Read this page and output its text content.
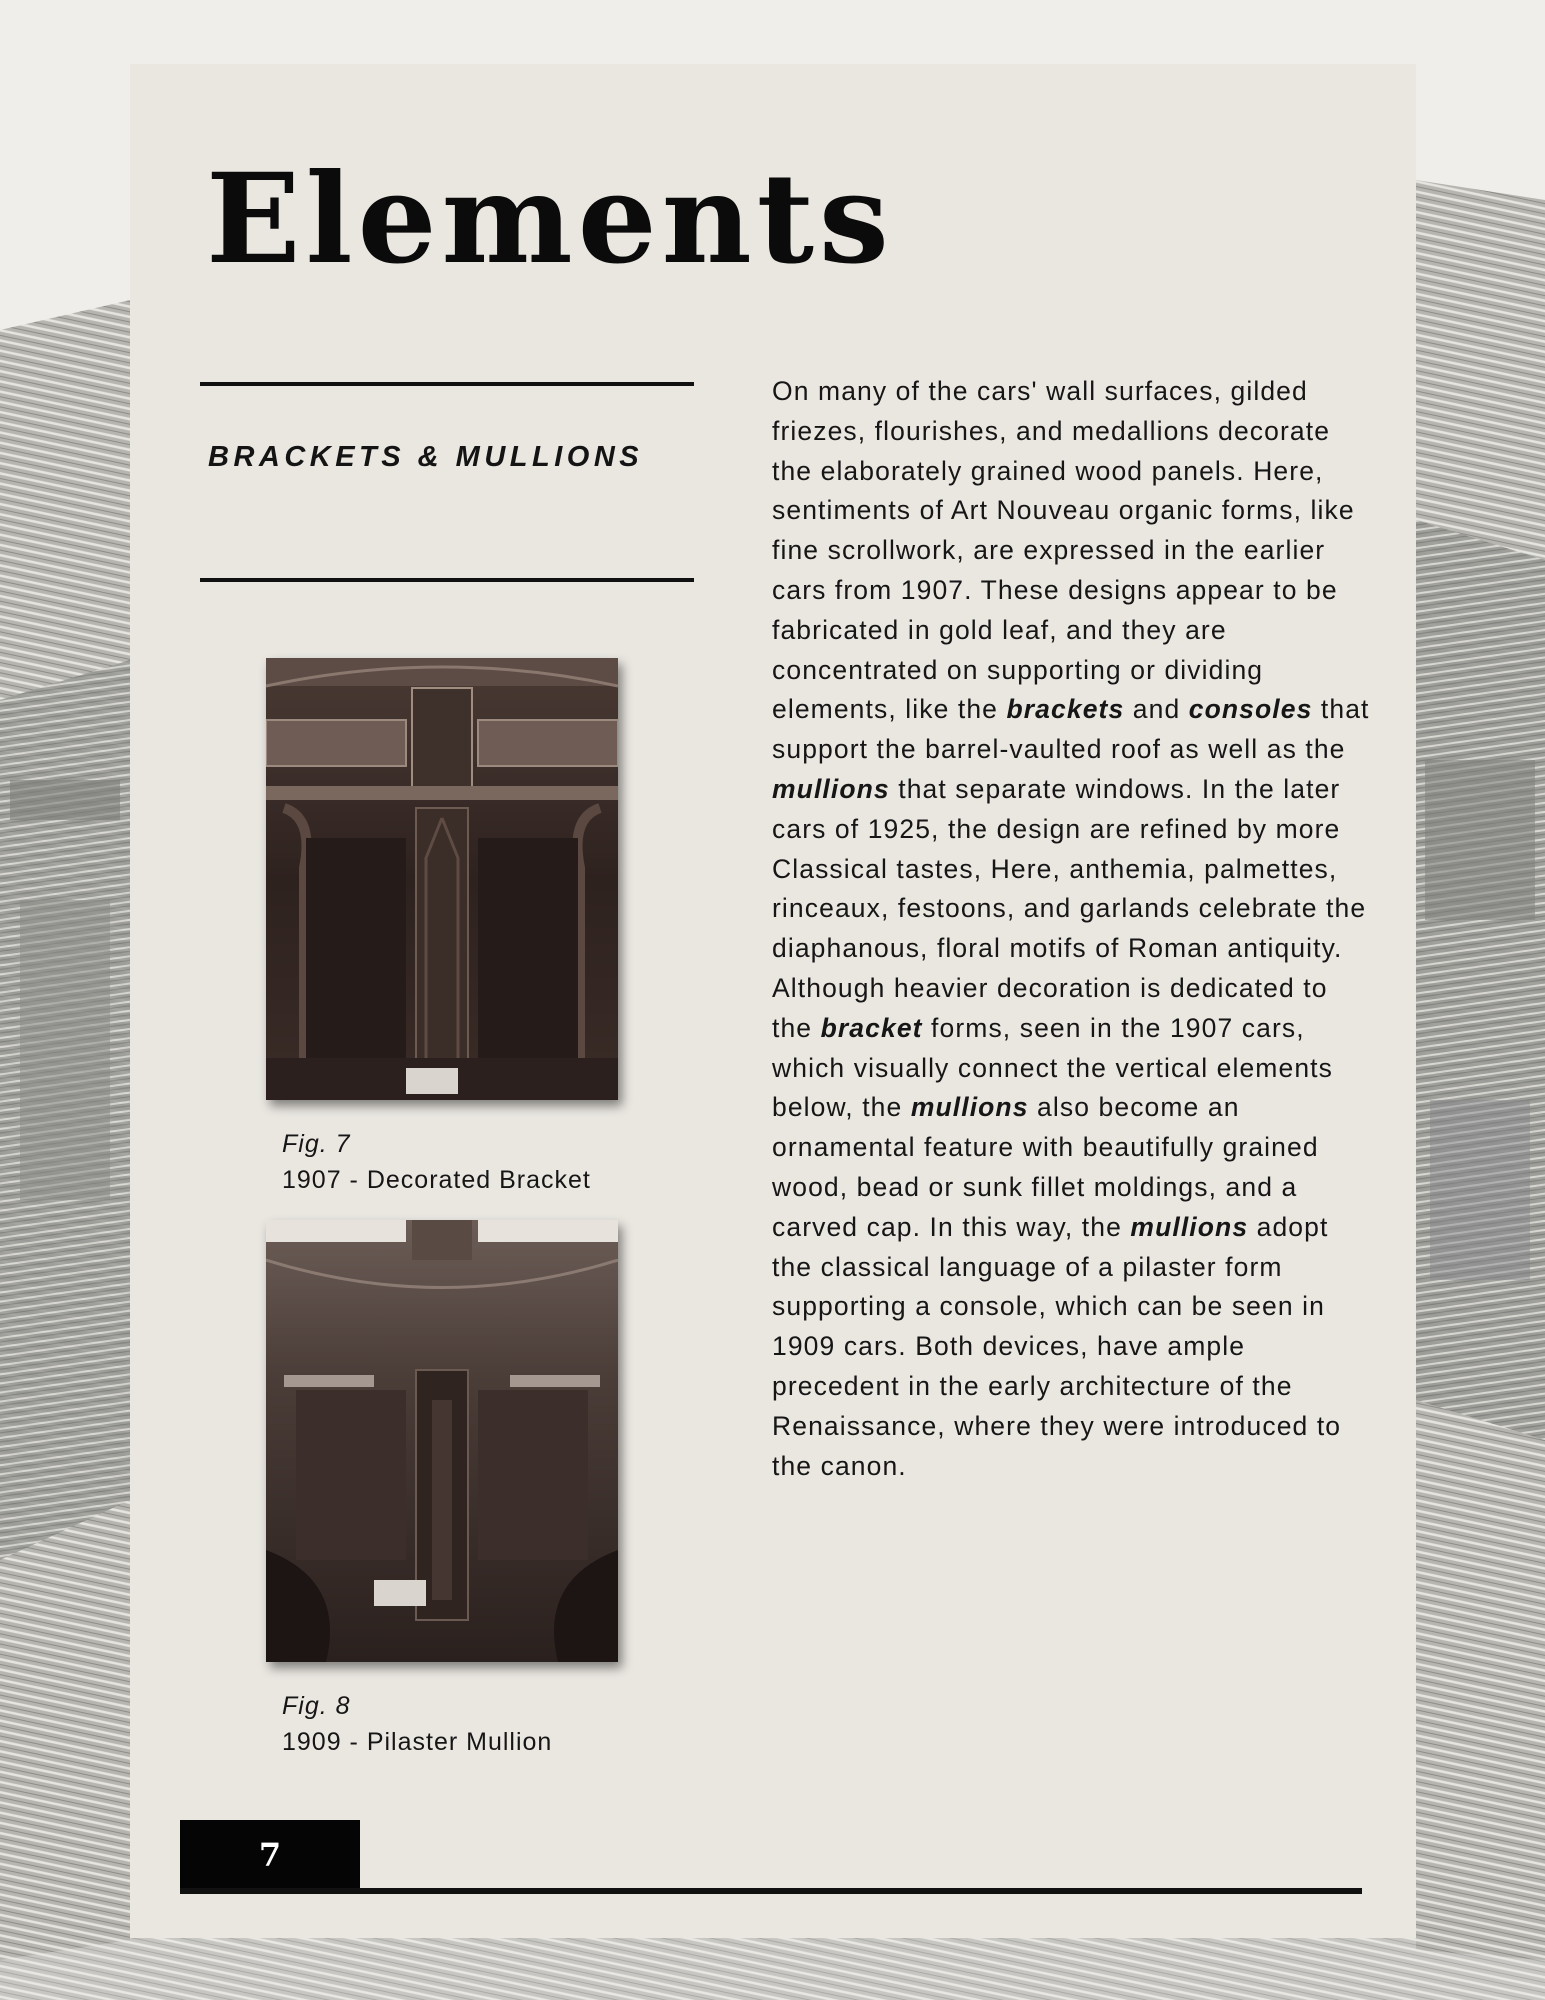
Elements
BRACKETS & MULLIONS
Fig. 7
1907 - Decorated Bracket
Fig. 8
1909 - Pilaster Mullion

On many of the cars' wall surfaces, gilded friezes, flourishes, and medallions decorate the elaborately grained wood panels. Here, sentiments of Art Nouveau organic forms, like fine scrollwork, are expressed in the earlier cars from 1907. These designs appear to be fabricated in gold leaf, and they are concentrated on supporting or dividing elements, like the brackets and consoles that support the barrel-vaulted roof as well as the mullions that separate windows. In the later cars of 1925, the design are refined by more Classical tastes, Here, anthemia, palmettes, rinceaux, festoons, and garlands celebrate the diaphanous, floral motifs of Roman antiquity. Although heavier decoration is dedicated to the bracket forms, seen in the 1907 cars, which visually connect the vertical elements below, the mullions also become an ornamental feature with beautifully grained wood, bead or sunk fillet moldings, and a carved cap. In this way, the mullions adopt the classical language of a pilaster form supporting a console, which can be seen in 1909 cars. Both devices, have ample precedent in the early architecture of the Renaissance, where they were introduced to the canon.

7
